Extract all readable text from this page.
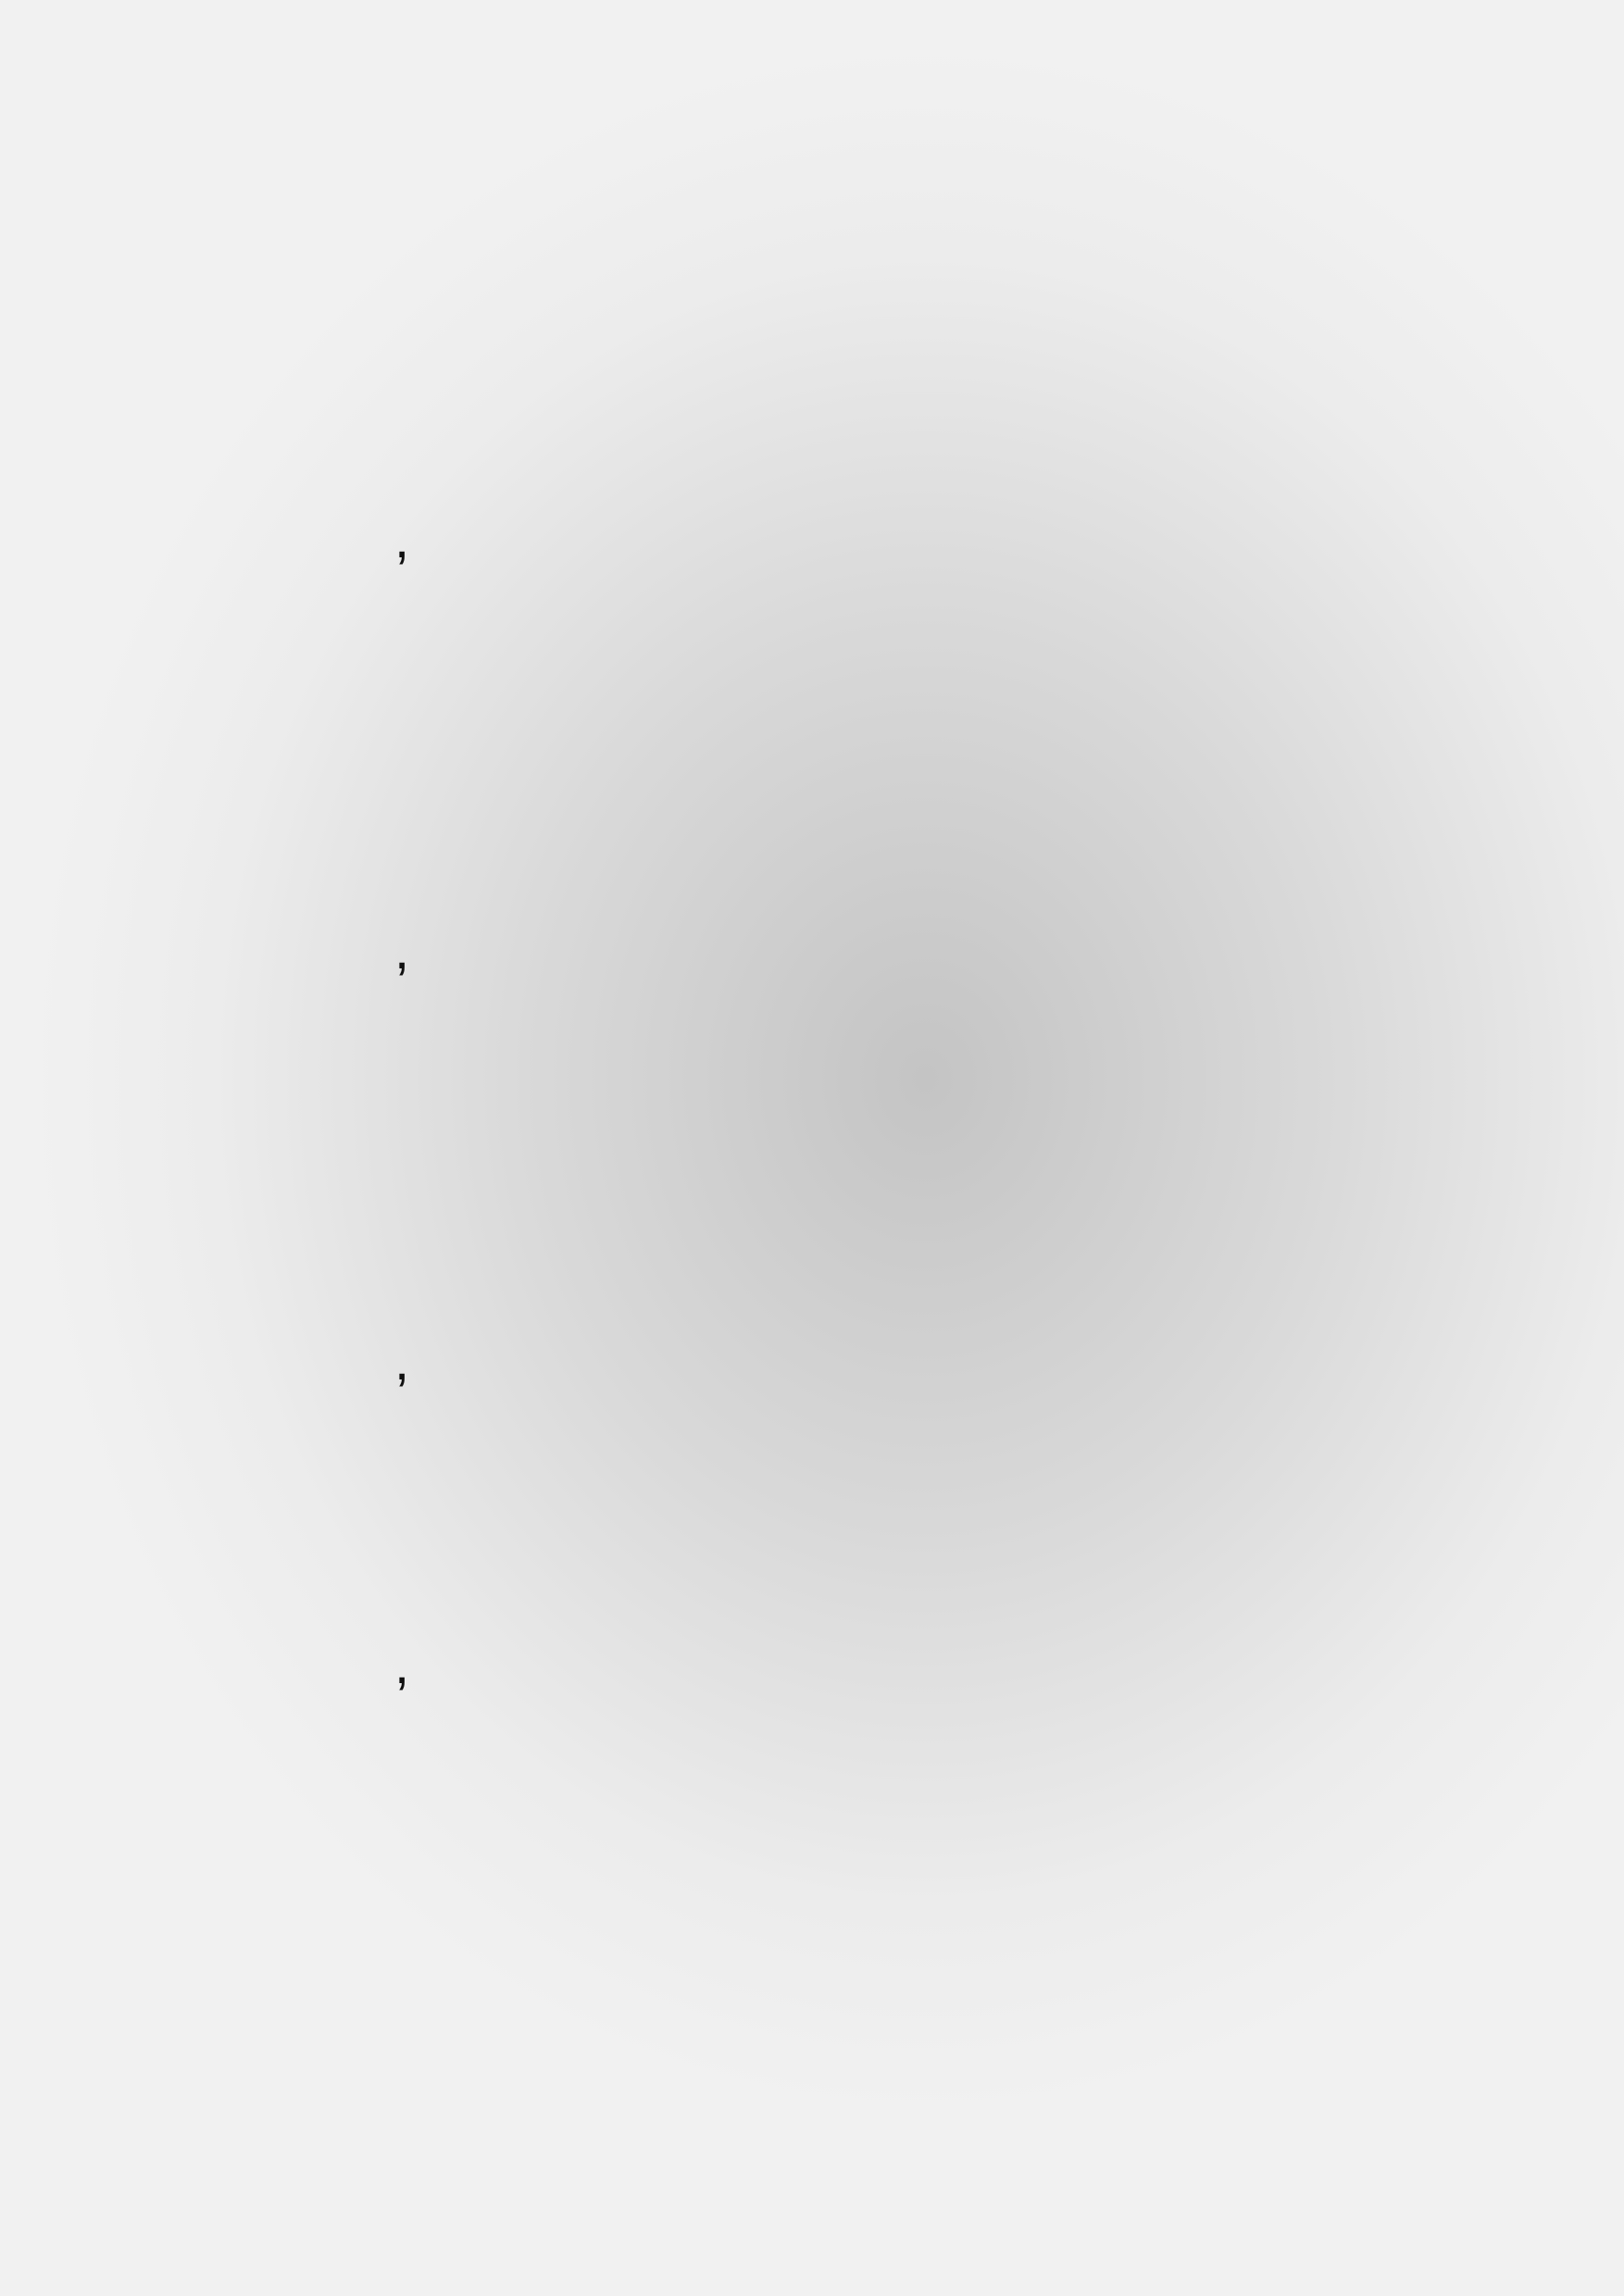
,
,
,
,
